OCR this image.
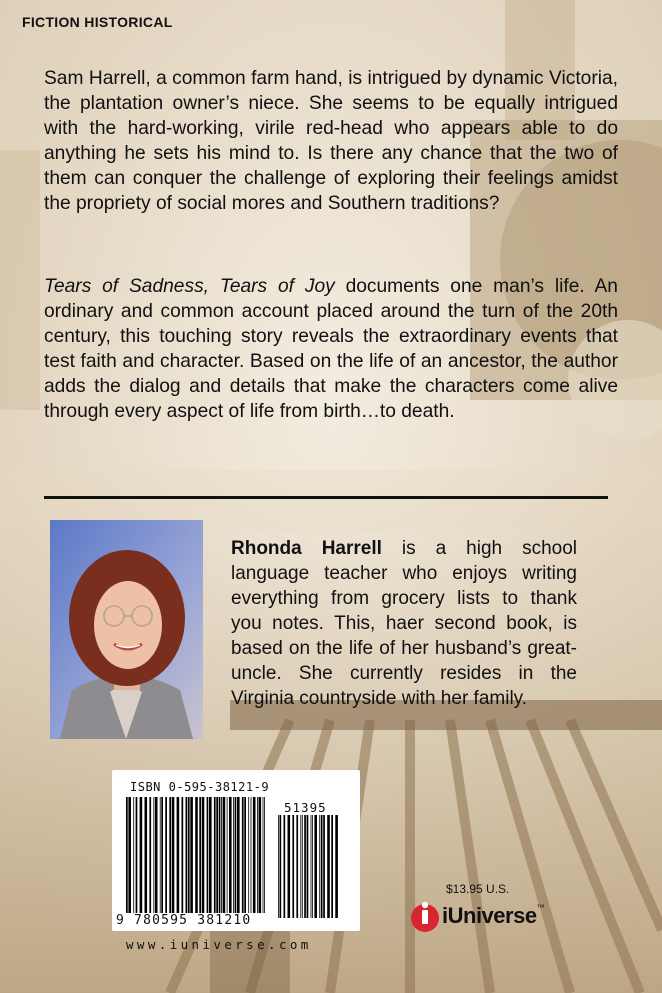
FICTION HISTORICAL

Sam Harrell, a common farm hand, is intrigued by dynamic Victoria, the plantation owner’s niece. She seems to be equally intrigued with the hard-working, virile red-head who appears able to do anything he sets his mind to. Is there any chance that the two of them can conquer the challenge of exploring their feelings amidst the propriety of social mores and Southern traditions?

Tears of Sadness, Tears of Joy documents one man’s life. An ordinary and common account placed around the turn of the 20th century, this touching story reveals the extraordinary events that test faith and character. Based on the life of an ancestor, the author adds the dialog and details that make the characters come alive through every aspect of life from birth…to death.

Rhonda Harrell is a high school language teacher who enjoys writing everything from grocery lists to thank you notes. This, haer second book, is based on the life of her husband’s great-uncle. She currently resides in the Virginia countryside with her family.

ISBN 0-595-38121-9
51395
9 780595 381210
$13.95 U.S.
iUniverse™
www.iuniverse.com
